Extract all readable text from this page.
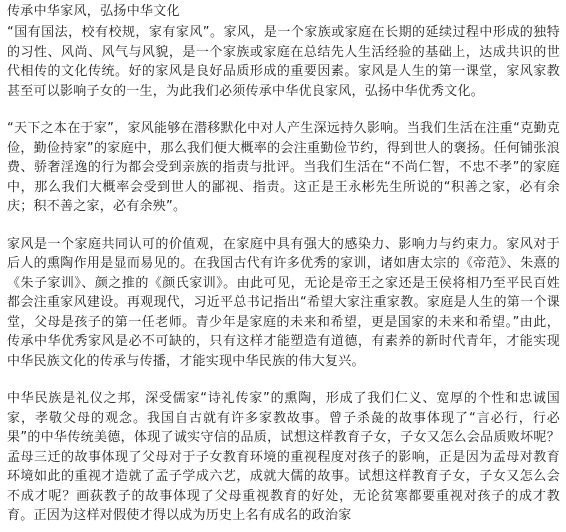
传承中华家风，弘扬中华文化

“国有国法，校有校规，家有家风”。家风，是一个家族或家庭在长期的延续过程中形成的独特的习性、风尚、风气与风貌，是一个家族或家庭在总结先人生活经验的基础上，达成共识的世代相传的文化传统。好的家风是良好品质形成的重要因素。家风是人生的第一课堂，家风家教甚至可以影响子女的一生，为此我们必须传承中华优良家风，弘扬中华优秀文化。

“天下之本在于家”，家风能够在潜移默化中对人产生深远持久影响。当我们生活在注重“克勤克俭，勤俭持家”的家庭中，那么我们便大概率的会注重勤俭节约，得到世人的褒扬。任何铺张浪费、骄奢淫逸的行为都会受到亲族的指责与批评。当我们生活在“不尚仁智，不忠不孝”的家庭中，那么我们大概率会受到世人的鄙视、指责。这正是王永彬先生所说的“积善之家，必有余庆；积不善之家，必有余殃”。

家风是一个家庭共同认可的价值观，在家庭中具有强大的感染力、影响力与约束力。家风对于后人的熏陶作用是显而易见的。在我国古代有许多优秀的家训，诸如唐太宗的《帝范》、朱熹的《朱子家训》、颜之推的《颜氏家训》。由此可见，无论是帝王之家还是王侯将相乃至平民百姓都会注重家风建设。再观现代，习近平总书记指出“希望大家注重家教。家庭是人生的第一个课堂，父母是孩子的第一任老师。青少年是家庭的未来和希望，更是国家的未来和希望。”由此，传承中华优秀家风是必不可缺的，只有这样才能塑造有道德，有素养的新时代青年，才能实现中华民族文化的传承与传播，才能实现中华民族的伟大复兴。

中华民族是礼仪之邦，深受儒家“诗礼传家”的熏陶，形成了我们仁义、宽厚的个性和忠诚国家，孝敬父母的观念。我国自古就有许多家教故事。曾子杀彘的故事体现了“言必行，行必果”的中华传统美德，体现了诚实守信的品质，试想这样教育子女，子女又怎么会品质败坏呢？孟母三迁的故事体现了父母对于子女教育环境的重视程度对孩子的影响，正是因为孟母对教育环境如此的重视才造就了孟子学成六艺，成就大儒的故事。试想这样教育子女，子女又怎么会不成才呢？画荻教子的故事体现了父母重视教育的好处，无论贫寒都要重视对孩子的成才教育。正因为这样对假使才得以成为历史上名有成名的政治家
